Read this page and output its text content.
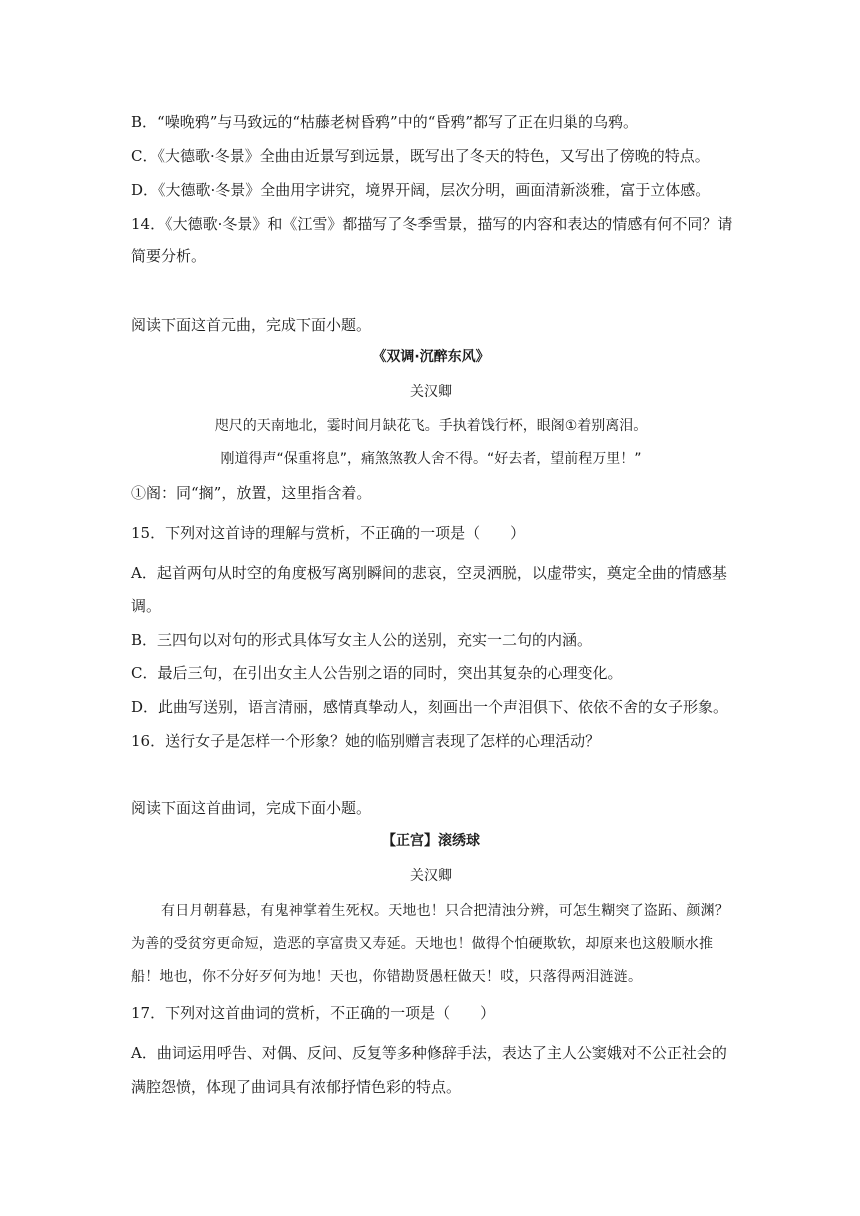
B．“噪晚鸦”与马致远的“枯藤老树昏鸦”中的“昏鸦”都写了正在归巢的乌鸦。
C．《大德歌·冬景》全曲由近景写到远景，既写出了冬天的特色，又写出了傍晚的特点。
D．《大德歌·冬景》全曲用字讲究，境界开阔，层次分明，画面清新淡雅，富于立体感。
14．《大德歌·冬景》和《江雪》都描写了冬季雪景，描写的内容和表达的情感有何不同？请
简要分析。
阅读下面这首元曲，完成下面小题。
《双调·沉醉东风》
关汉卿
咫尺的天南地北，霎时间月缺花飞。手执着饯行杯，眼阁①着别离泪。
刚道得声“保重将息”，痛煞煞教人舍不得。“好去者，望前程万里！”
①阁：同“搁”，放置，这里指含着。
15．下列对这首诗的理解与赏析，不正确的一项是（　　）
A．起首两句从时空的角度极写离别瞬间的悲哀，空灵洒脱，以虚带实，奠定全曲的情感基
调。
B．三四句以对句的形式具体写女主人公的送别，充实一二句的内涵。
C．最后三句，在引出女主人公告别之语的同时，突出其复杂的心理变化。
D．此曲写送别，语言清丽，感情真挚动人，刻画出一个声泪俱下、依依不舍的女子形象。
16．送行女子是怎样一个形象？她的临别赠言表现了怎样的心理活动？
阅读下面这首曲词，完成下面小题。
【正宫】滚绣球
关汉卿
有日月朝暮悬，有鬼神掌着生死权。天地也！只合把清浊分辨，可怎生糊突了盗跖、颜渊？为善的受贫穷更命短，造恶的享富贵又寿延。天地也！做得个怕硬欺软，却原来也这般顺水推船！地也，你不分好歹何为地！天也，你错勘贤愚枉做天！哎，只落得两泪涟涟。
17．下列对这首曲词的赏析，不正确的一项是（　　）
A．曲词运用呼告、对偶、反问、反复等多种修辞手法，表达了主人公窦娥对不公正社会的
满腔怨愤，体现了曲词具有浓郁抒情色彩的特点。
